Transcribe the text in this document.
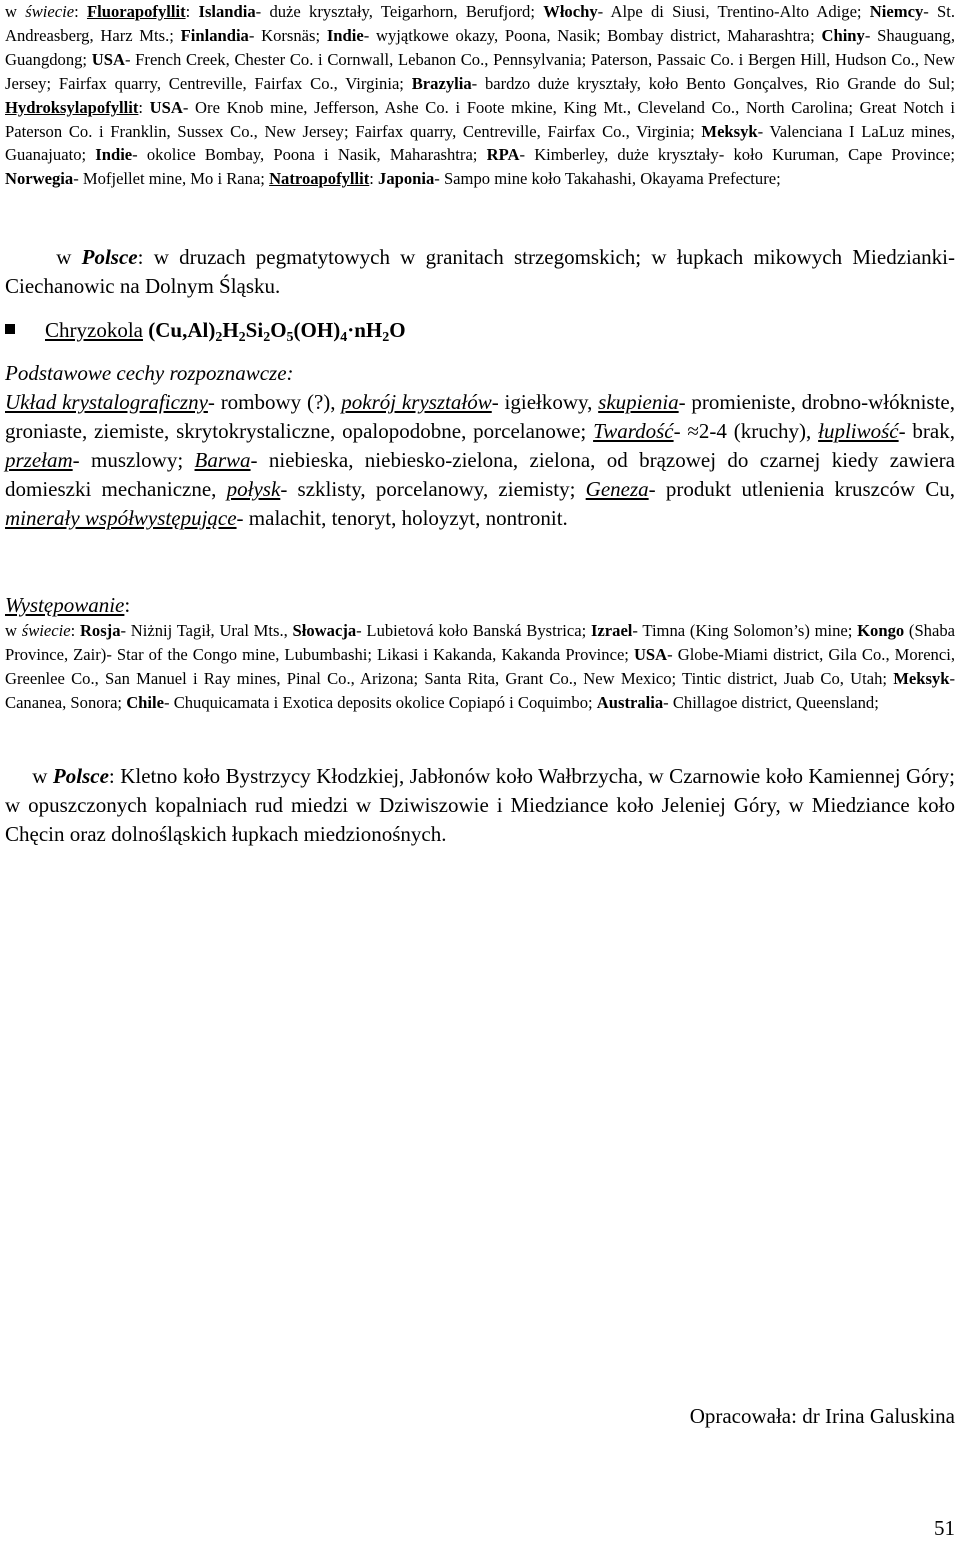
w świecie: Fluorapofyllit: Islandia- duże kryształy, Teigarhorn, Berufjord; Włochy- Alpe di Siusi, Trentino-Alto Adige; Niemcy- St. Andreasberg, Harz Mts.; Finlandia- Korsnäs; Indie- wyjątkowe okazy, Poona, Nasik; Bombay district, Maharashtra; Chiny- Shauguang, Guangdong; USA- French Creek, Chester Co. i Cornwall, Lebanon Co., Pennsylvania; Paterson, Passaic Co. i Bergen Hill, Hudson Co., New Jersey; Fairfax quarry, Centreville, Fairfax Co., Virginia; Brazylia- bardzo duże kryształy, koło Bento Gonçalves, Rio Grande do Sul; Hydroksylapofyllit: USA- Ore Knob mine, Jefferson, Ashe Co. i Foote mkine, King Mt., Cleveland Co., North Carolina; Great Notch i Paterson Co. i Franklin, Sussex Co., New Jersey; Fairfax quarry, Centreville, Fairfax Co., Virginia; Meksyk- Valenciana I LaLuz mines, Guanajuato; Indie- okolice Bombay, Poona i Nasik, Maharashtra; RPA- Kimberley, duże kryształy- koło Kuruman, Cape Province; Norwegia- Mofjellet mine, Mo i Rana; Natroapofyllit: Japonia- Sampo mine koło Takahashi, Okayama Prefecture;

w Polsce: w druzach pegmatytowych w granitach strzegomskich; w łupkach mikowych Miedzianki-Ciechanowic na Dolnym Śląsku.

Chryzokola $(Cu,Al)_2H_2Si_2O_5(OH)_4\cdot nH_2O$

Podstawowe cechy rozpoznawcze:

Układ krystalograficzny- rombowy (?), pokrój kryształów- igiełkowy, skupienia- promieniste, drobno-włókniste, groniaste, ziemiste, skrytokrystaliczne, opalopodobne, porcelanowe; Twardość- ≈2-4 (kruchy), łupliwość- brak, przełam- muszlowy; Barwa- niebieska, niebiesko-zielona, zielona, od brązowej do czarnej kiedy zawiera domieszki mechaniczne, połysk- szklisty, porcelanowy, ziemisty; Geneza- produkt utlenienia kruszców Cu, minerały współwystępujące- malachit, tenoryt, holoyzyt, nontronit.

Występowanie:

w świecie: Rosja- Niżnij Tagił, Ural Mts., Słowacja- Lubietová koło Banská Bystrica; Izrael- Timna (King Solomon’s) mine; Kongo (Shaba Province, Zair)- Star of the Congo mine, Lubumbashi; Likasi i Kakanda, Kakanda Province; USA- Globe-Miami district, Gila Co., Morenci, Greenlee Co., San Manuel i Ray mines, Pinal Co., Arizona; Santa Rita, Grant Co., New Mexico; Tintic district, Juab Co, Utah; Meksyk- Cananea, Sonora; Chile- Chuquicamata i Exotica deposits okolice Copiapó i Coquimbo; Australia- Chillagoe district, Queensland;

w Polsce: Kletno koło Bystrzycy Kłodzkiej, Jabłonów koło Wałbrzycha, w Czarnowie koło Kamiennej Góry; w opuszczonych kopalniach rud miedzi w Dziwiszowie i Miedziance koło Jeleniej Góry, w Miedziance koło Chęcin oraz dolnośląskich łupkach miedzionośnych.

Opracowała: dr Irina Galuskina
51
